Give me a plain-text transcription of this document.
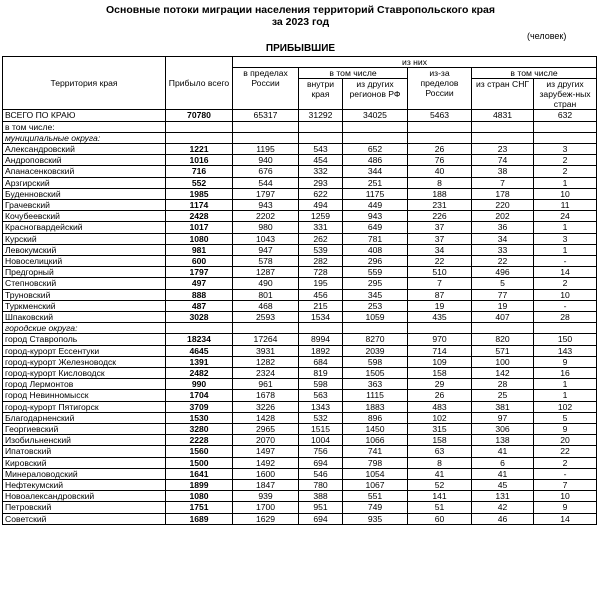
Основные потоки миграции населения территорий Ставропольского края
за 2023 год
(человек)
ПРИБЫВШИЕ
Территория края	Прибыло всего	из них					
		в пределах России	в том числе		из-за пределов России	в том числе	
			внутри края	из других регионов РФ		из стран СНГ	из других зарубеж-ных стран
ВСЕГО ПО КРАЮ	70780	65317	31292	34025	5463	4831	632
в том числе:							
муниципальные округа:							
Александровский	1221	1195	543	652	26	23	3
Андроповский	1016	940	454	486	76	74	2
Апанасенковский	716	676	332	344	40	38	2
Арзгирский	552	544	293	251	8	7	1
Буденновский	1985	1797	622	1175	188	178	10
Грачевский	1174	943	494	449	231	220	11
Кочубеевский	2428	2202	1259	943	226	202	24
Красногвардейский	1017	980	331	649	37	36	1
Курский	1080	1043	262	781	37	34	3
Левокумский	981	947	539	408	34	33	1
Новоселицкий	600	578	282	296	22	22	-
Предгорный	1797	1287	728	559	510	496	14
Степновский	497	490	195	295	7	5	2
Труновский	888	801	456	345	87	77	10
Туркменский	487	468	215	253	19	19	-
Шпаковский	3028	2593	1534	1059	435	407	28
городские округа:							
город Ставрополь	18234	17264	8994	8270	970	820	150
город-курорт Ессентуки	4645	3931	1892	2039	714	571	143
город-курорт Железноводск	1391	1282	684	598	109	100	9
город-курорт Кисловодск	2482	2324	819	1505	158	142	16
город Лермонтов	990	961	598	363	29	28	1
город Невинномысск	1704	1678	563	1115	26	25	1
город-курорт Пятигорск	3709	3226	1343	1883	483	381	102
Благодарненский	1530	1428	532	896	102	97	5
Георгиевский	3280	2965	1515	1450	315	306	9
Изобильненский	2228	2070	1004	1066	158	138	20
Ипатовский	1560	1497	756	741	63	41	22
Кировский	1500	1492	694	798	8	6	2
Минераловодский	1641	1600	546	1054	41	41	-
Нефтекумский	1899	1847	780	1067	52	45	7
Новоалександровский	1080	939	388	551	141	131	10
Петровский	1751	1700	951	749	51	42	9
Советский	1689	1629	694	935	60	46	14
